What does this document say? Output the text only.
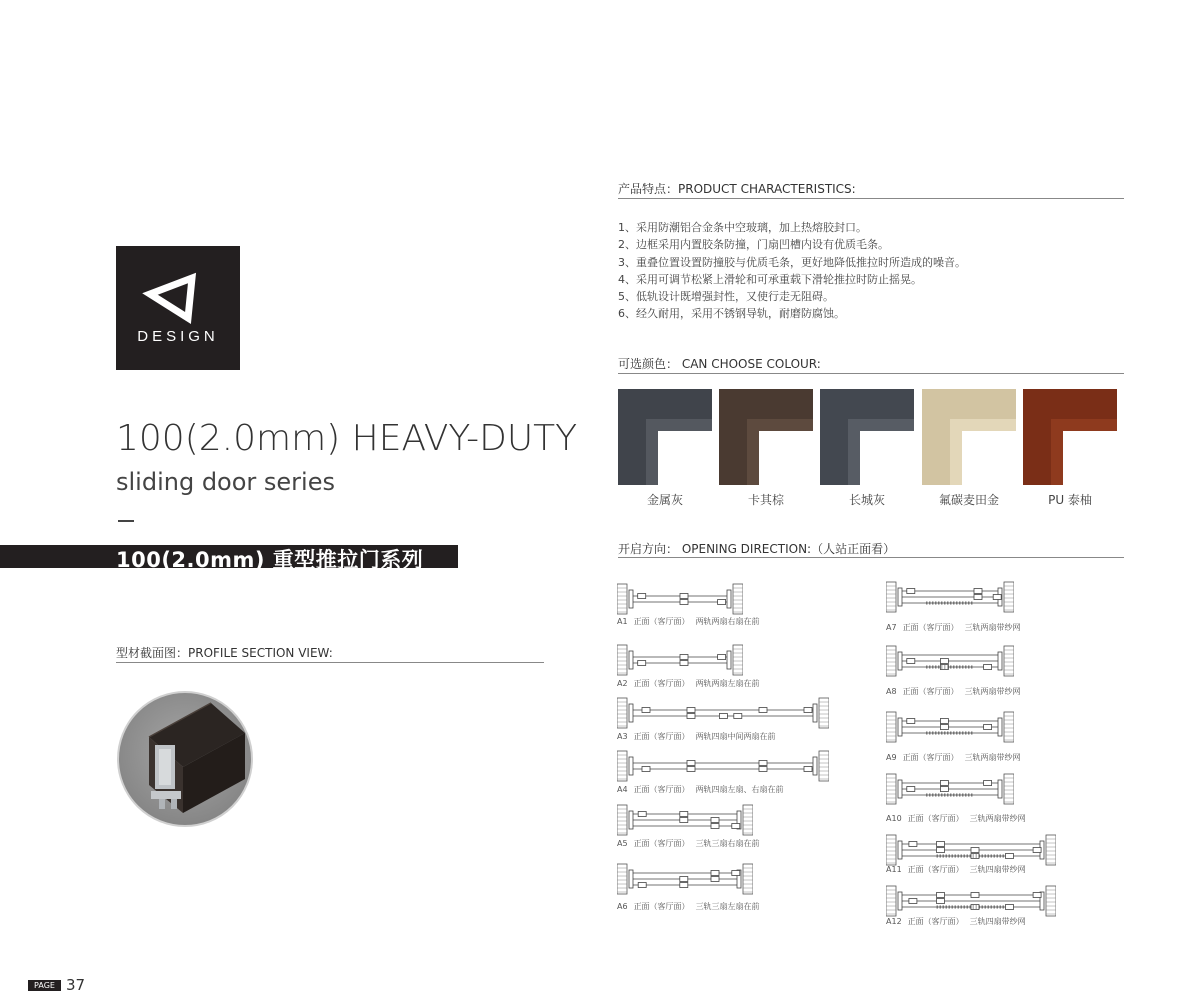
DESIGN
100(2.0mm) HEAVY-DUTY
sliding door series
100(2.0mm) 重型推拉门系列
型材截面图：PROFILE SECTION VIEW:
产品特点：PRODUCT CHARACTERISTICS:
1、采用防潮铝合金条中空玻璃，加上热熔胶封口。
2、边框采用内置胶条防撞，门扇凹槽内设有优质毛条。
3、重叠位置设置防撞胶与优质毛条，更好地降低推拉时所造成的噪音。
4、采用可调节松紧上滑轮和可承重载下滑轮推拉时防止摇晃。
5、低轨设计既增强封性，又使行走无阻碍。
6、经久耐用，采用不锈钢导轨，耐磨防腐蚀。
可选颜色： CAN CHOOSE COLOUR:
金属灰	卡其棕	长城灰	氟碳麦田金	PU 泰柚
开启方向： OPENING DIRECTION:（人站正面看）
A1 正面（客厅面） 两轨两扇右扇在前
A2 正面（客厅面） 两轨两扇左扇在前
A3 正面（客厅面） 两轨四扇中间两扇在前
A4 正面（客厅面） 两轨四扇左扇、右扇在前
A5 正面（客厅面） 三轨三扇右扇在前
A6 正面（客厅面） 三轨三扇左扇在前
A7 正面（客厅面） 三轨两扇带纱网
A8 正面（客厅面） 三轨两扇带纱网
A9 正面（客厅面） 三轨两扇带纱网
A10 正面（客厅面） 三轨两扇带纱网
A11 正面（客厅面） 三轨四扇带纱网
A12 正面（客厅面） 三轨四扇带纱网
PAGE 37
